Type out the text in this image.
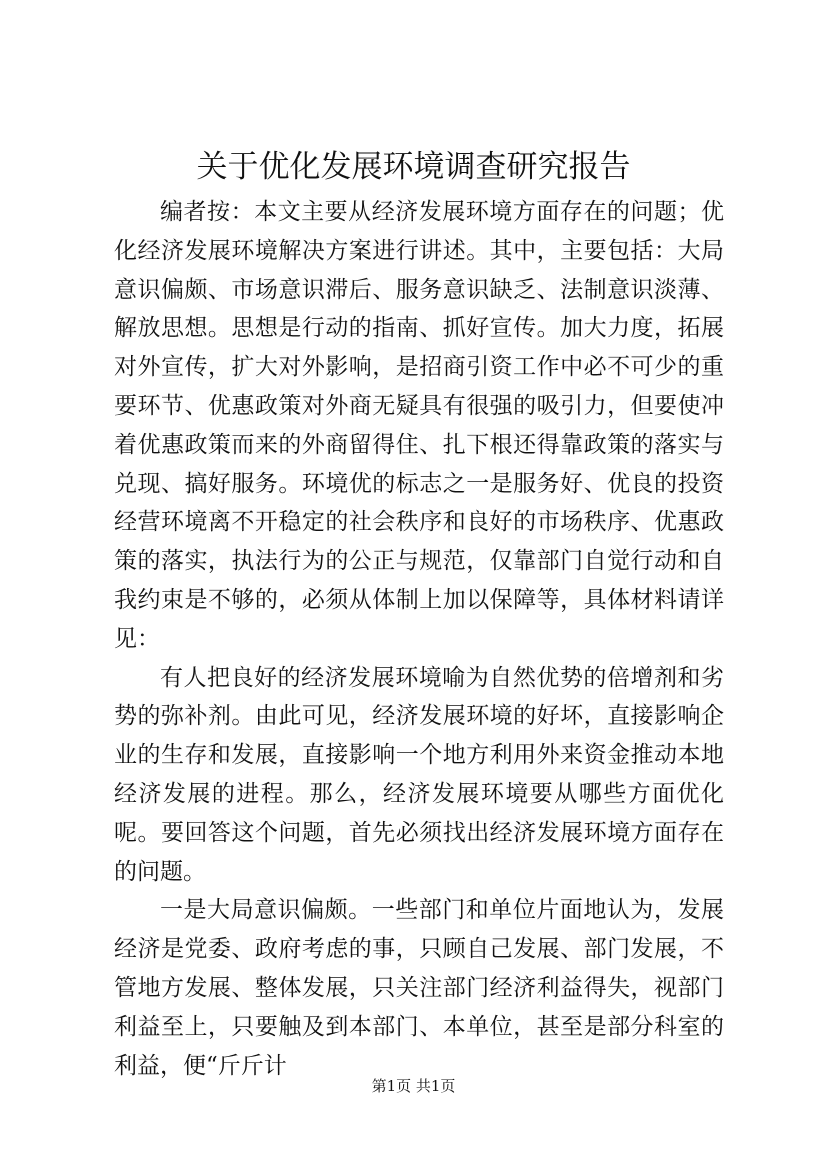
关于优化发展环境调查研究报告

编者按：本文主要从经济发展环境方面存在的问题；优化经济发展环境解决方案进行讲述。其中，主要包括：大局意识偏颇、市场意识滞后、服务意识缺乏、法制意识淡薄、解放思想。思想是行动的指南、抓好宣传。加大力度，拓展对外宣传，扩大对外影响，是招商引资工作中必不可少的重要环节、优惠政策对外商无疑具有很强的吸引力，但要使冲着优惠政策而来的外商留得住、扎下根还得靠政策的落实与兑现、搞好服务。环境优的标志之一是服务好、优良的投资经营环境离不开稳定的社会秩序和良好的市场秩序、优惠政策的落实，执法行为的公正与规范，仅靠部门自觉行动和自我约束是不够的，必须从体制上加以保障等，具体材料请详见：

有人把良好的经济发展环境喻为自然优势的倍增剂和劣势的弥补剂。由此可见，经济发展环境的好坏，直接影响企业的生存和发展，直接影响一个地方利用外来资金推动本地经济发展的进程。那么，经济发展环境要从哪些方面优化呢。要回答这个问题，首先必须找出经济发展环境方面存在的问题。

一是大局意识偏颇。一些部门和单位片面地认为，发展经济是党委、政府考虑的事，只顾自己发展、部门发展，不管地方发展、整体发展，只关注部门经济利益得失，视部门利益至上，只要触及到本部门、本单位，甚至是部分科室的利益，便“斤斤计

第1页 共1页
